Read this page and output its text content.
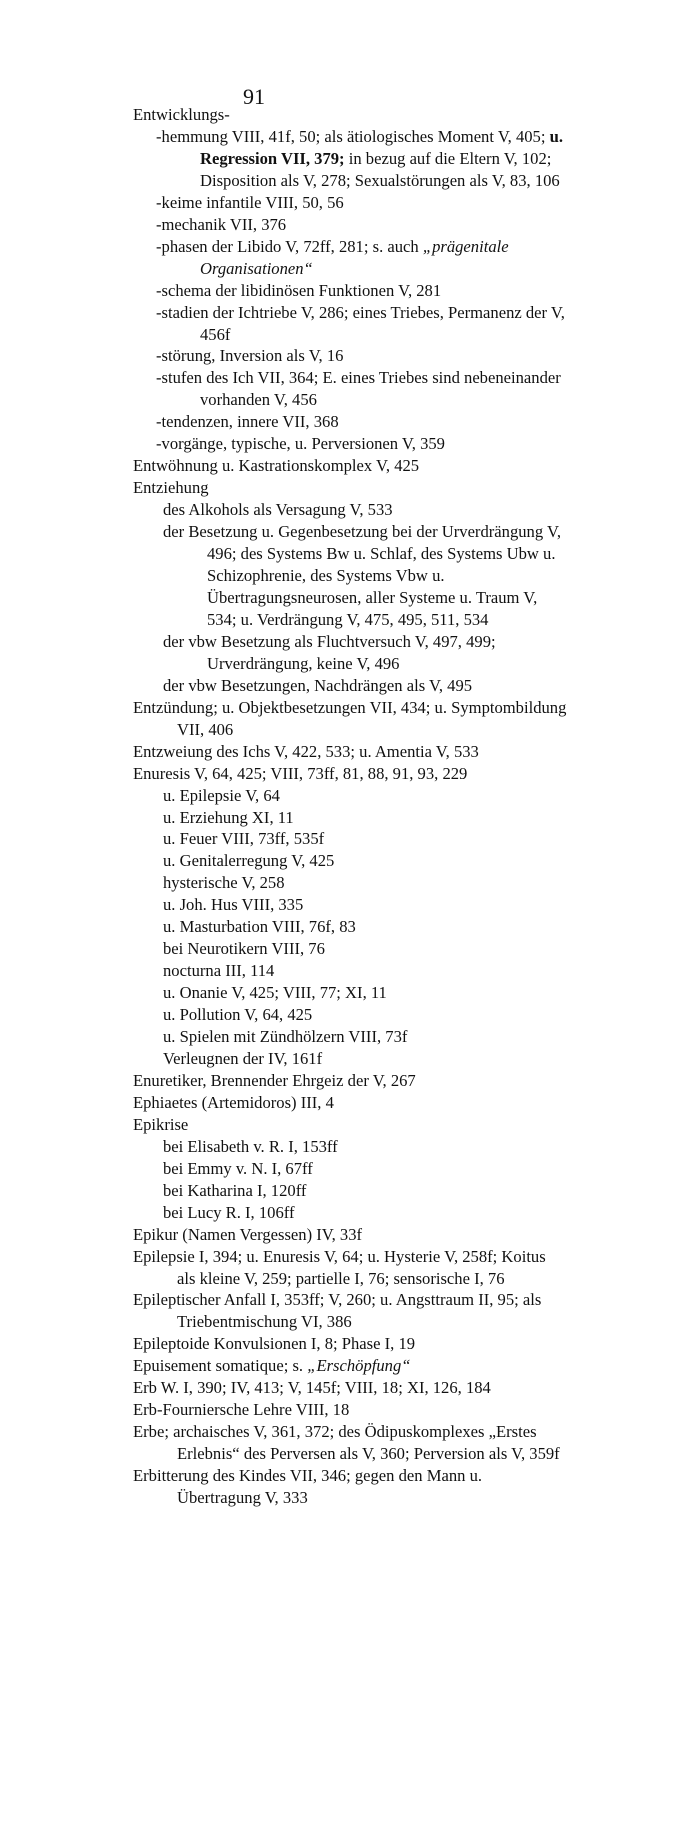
91
Entwicklungs-
-hemmung VIII, 41f, 50; als ätiologisches Moment V, 405; u. Regression VII, 379; in bezug auf die Eltern V, 102; Disposition als V, 278; Sexualstörungen als V, 83, 106
-keime infantile VIII, 50, 56
-mechanik VII, 376
-phasen der Libido V, 72ff, 281; s. auch „prägenitale Organisationen“
-schema der libidinösen Funktionen V, 281
-stadien der Ichtriebe V, 286; eines Triebes, Permanenz der V, 456f
-störung, Inversion als V, 16
-stufen des Ich VII, 364; E. eines Triebes sind nebeneinander vorhanden V, 456
-tendenzen, innere VII, 368
-vorgänge, typische, u. Perversionen V, 359
Entwöhnung u. Kastrationskomplex V, 425
Entziehung
des Alkohols als Versagung V, 533
der Besetzung u. Gegenbesetzung bei der Urverdrängung V, 496; des Systems Bw u. Schlaf, des Systems Ubw u. Schizophrenie, des Systems Vbw u. Übertragungsneurosen, aller Systeme u. Traum V, 534; u. Verdrängung V, 475, 495, 511, 534
der vbw Besetzung als Fluchtversuch V, 497, 499; Urverdrängung, keine V, 496
der vbw Besetzungen, Nachdrängen als V, 495
Entzündung; u. Objektbesetzungen VII, 434; u. Symptombildung VII, 406
Entzweiung des Ichs V, 422, 533; u. Amentia V, 533
Enuresis V, 64, 425; VIII, 73ff, 81, 88, 91, 93, 229
u. Epilepsie V, 64
u. Erziehung XI, 11
u. Feuer VIII, 73ff, 535f
u. Genitalerregung V, 425
hysterische V, 258
u. Joh. Hus VIII, 335
u. Masturbation VIII, 76f, 83
bei Neurotikern VIII, 76
nocturna III, 114
u. Onanie V, 425; VIII, 77; XI, 11
u. Pollution V, 64, 425
u. Spielen mit Zündhölzern VIII, 73f
Verleugnen der IV, 161f
Enuretiker, Brennender Ehrgeiz der V, 267
Ephiaetes (Artemidoros) III, 4
Epikrise
bei Elisabeth v. R. I, 153ff
bei Emmy v. N. I, 67ff
bei Katharina I, 120ff
bei Lucy R. I, 106ff
Epikur (Namen Vergessen) IV, 33f
Epilepsie I, 394; u. Enuresis V, 64; u. Hysterie V, 258f; Koitus als kleine V, 259; partielle I, 76; sensorische I, 76
Epileptischer Anfall I, 353ff; V, 260; u. Angsttraum II, 95; als Triebentmischung VI, 386
Epileptoide Konvulsionen I, 8; Phase I, 19
Epuisement somatique; s. „Erschöpfung“
Erb W. I, 390; IV, 413; V, 145f; VIII, 18; XI, 126, 184
Erb-Fourniersche Lehre VIII, 18
Erbe; archaisches V, 361, 372; des Ödipuskomplexes „Erstes Erlebnis“ des Perversen als V, 360; Perversion als V, 359f
Erbitterung des Kindes VII, 346; gegen den Mann u. Übertragung V, 333
